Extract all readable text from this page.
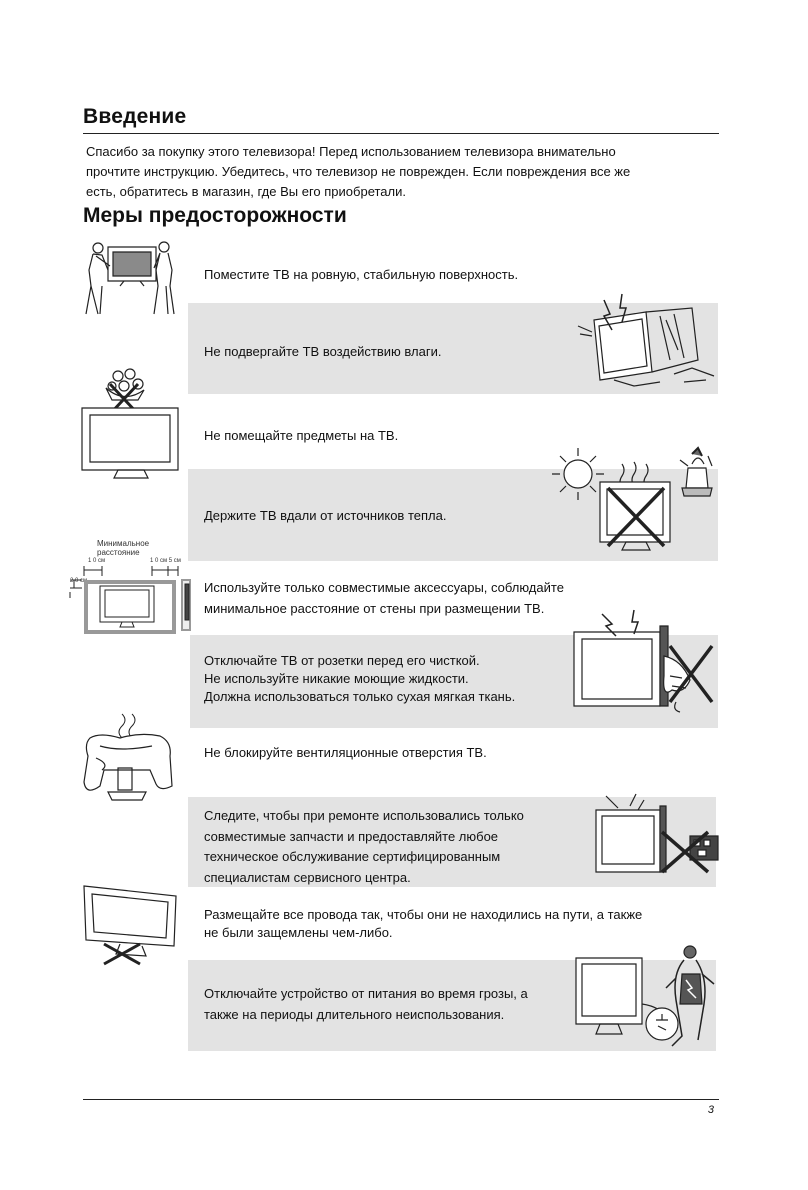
Введение
Спасибо за покупку этого телевизора! Перед использованием телевизора внимательно
прочтите инструкцию. Убедитесь, что телевизор не поврежден. Если повреждения все же
есть, обратитесь в магазин, где Вы его приобретали.
Меры предосторожности
Поместите ТВ на ровную, стабильную поверхность.
Не подвергайте ТВ воздействию влаги.
Не помещайте предметы на ТВ.
Держите ТВ вдали от источников тепла.
Минимальное
расстояние
1 0 см	1 0 см 5 см
2 0 см	Используйте только совместимые аксессуары, соблюдайте
минимальное расстояние от стены при размещении ТВ.
Отключайте ТВ от розетки перед его чисткой.
Не используйте никакие моющие жидкости.
Должна использоваться только сухая мягкая ткань.
Не блокируйте вентиляционные отверстия ТВ.
Следите, чтобы при ремонте использовались только
совместимые запчасти и предоставляйте любое
техническое обслуживание сертифицированным
специалистам сервисного центра.
Размещайте все провода так, чтобы они не находились на пути, а также
не были защемлены чем-либо.
Отключайте устройство от питания во время грозы, а
также на периоды длительного неиспользования.
3
